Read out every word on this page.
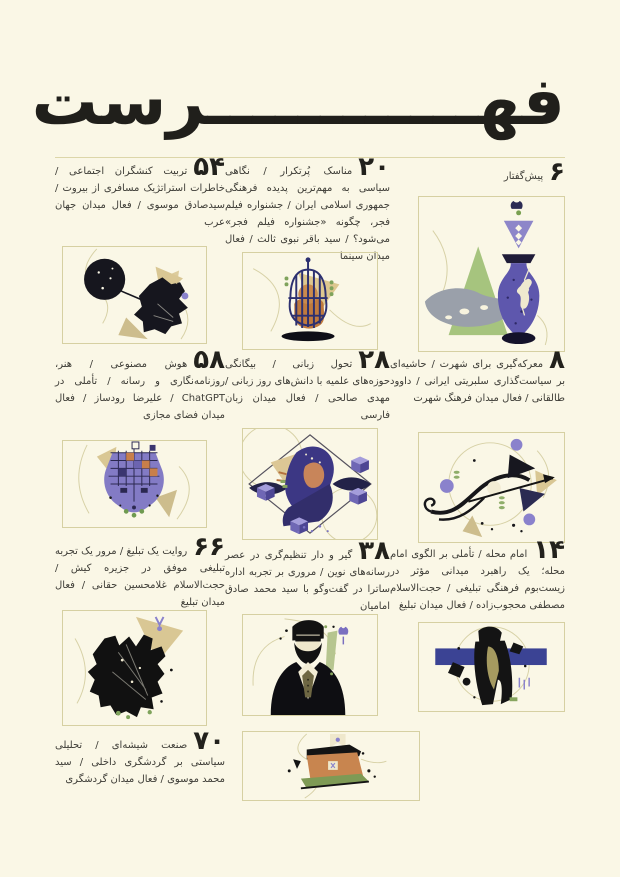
فهــــــــــــرست
۶پیش‌گفتار
۲۰مناسک پُرتکرار / نگاهی سیاسی به مهم‌ترین پدیده فرهنگی جمهوری اسلامی ایران / جشنواره فیلم فجر، چگونه «جشنواره فیلم فجر» می‌شود؟ / سید باقر نبوی ثالث / فعال میدان سینما
۵۴تربیت کنشگران اجتماعی / خاطرات استراتژیک مسافری از بیروت / سیدصادق موسوی / فعال میدان جهان عرب
۸معرکه‌گیری برای شهرت / حاشیه‌ای بر سیاست‌گذاری سلبریتی ایرانی / داوود طالقانی / فعال میدان فرهنگ شهرت
۲۸تحول زبانی / بیگانگی حوزه‌های علمیه با دانش‌های روز زبانی / مهدی صالحی / فعال میدان زبان فارسی
۵۸هوش مصنوعی / هنر، روزنامه‌نگاری و رسانه / تأملی در ChatGPT / علیرضا رودساز / فعال میدان فضای مجازی
۱۴امام محله / تأملی بر الگوی امام محله؛ یک راهبرد میدانی مؤثر در زیست‌بوم فرهنگی تبلیغی / حجت‌الاسلام مصطفی محجوب‌زاده / فعال میدان تبلیغ
۳۸گیر و دار تنظیم‌گری در عصر رسانه‌های نوین / مروری بر تجربه اداره ساترا در گفت‌وگو با سید محمد صادق امامیان
۶۶روایت یک تبلیغ / مرور یک تجربه تبلیغی موفق در جزیره کیش / حجت‌الاسلام غلامحسین حقانی / فعال میدان تبلیغ
۷۰صنعت شیشه‌ای / تحلیلی سیاستی بر گردشگری داخلی / سید محمد موسوی / فعال میدان گردشگری
